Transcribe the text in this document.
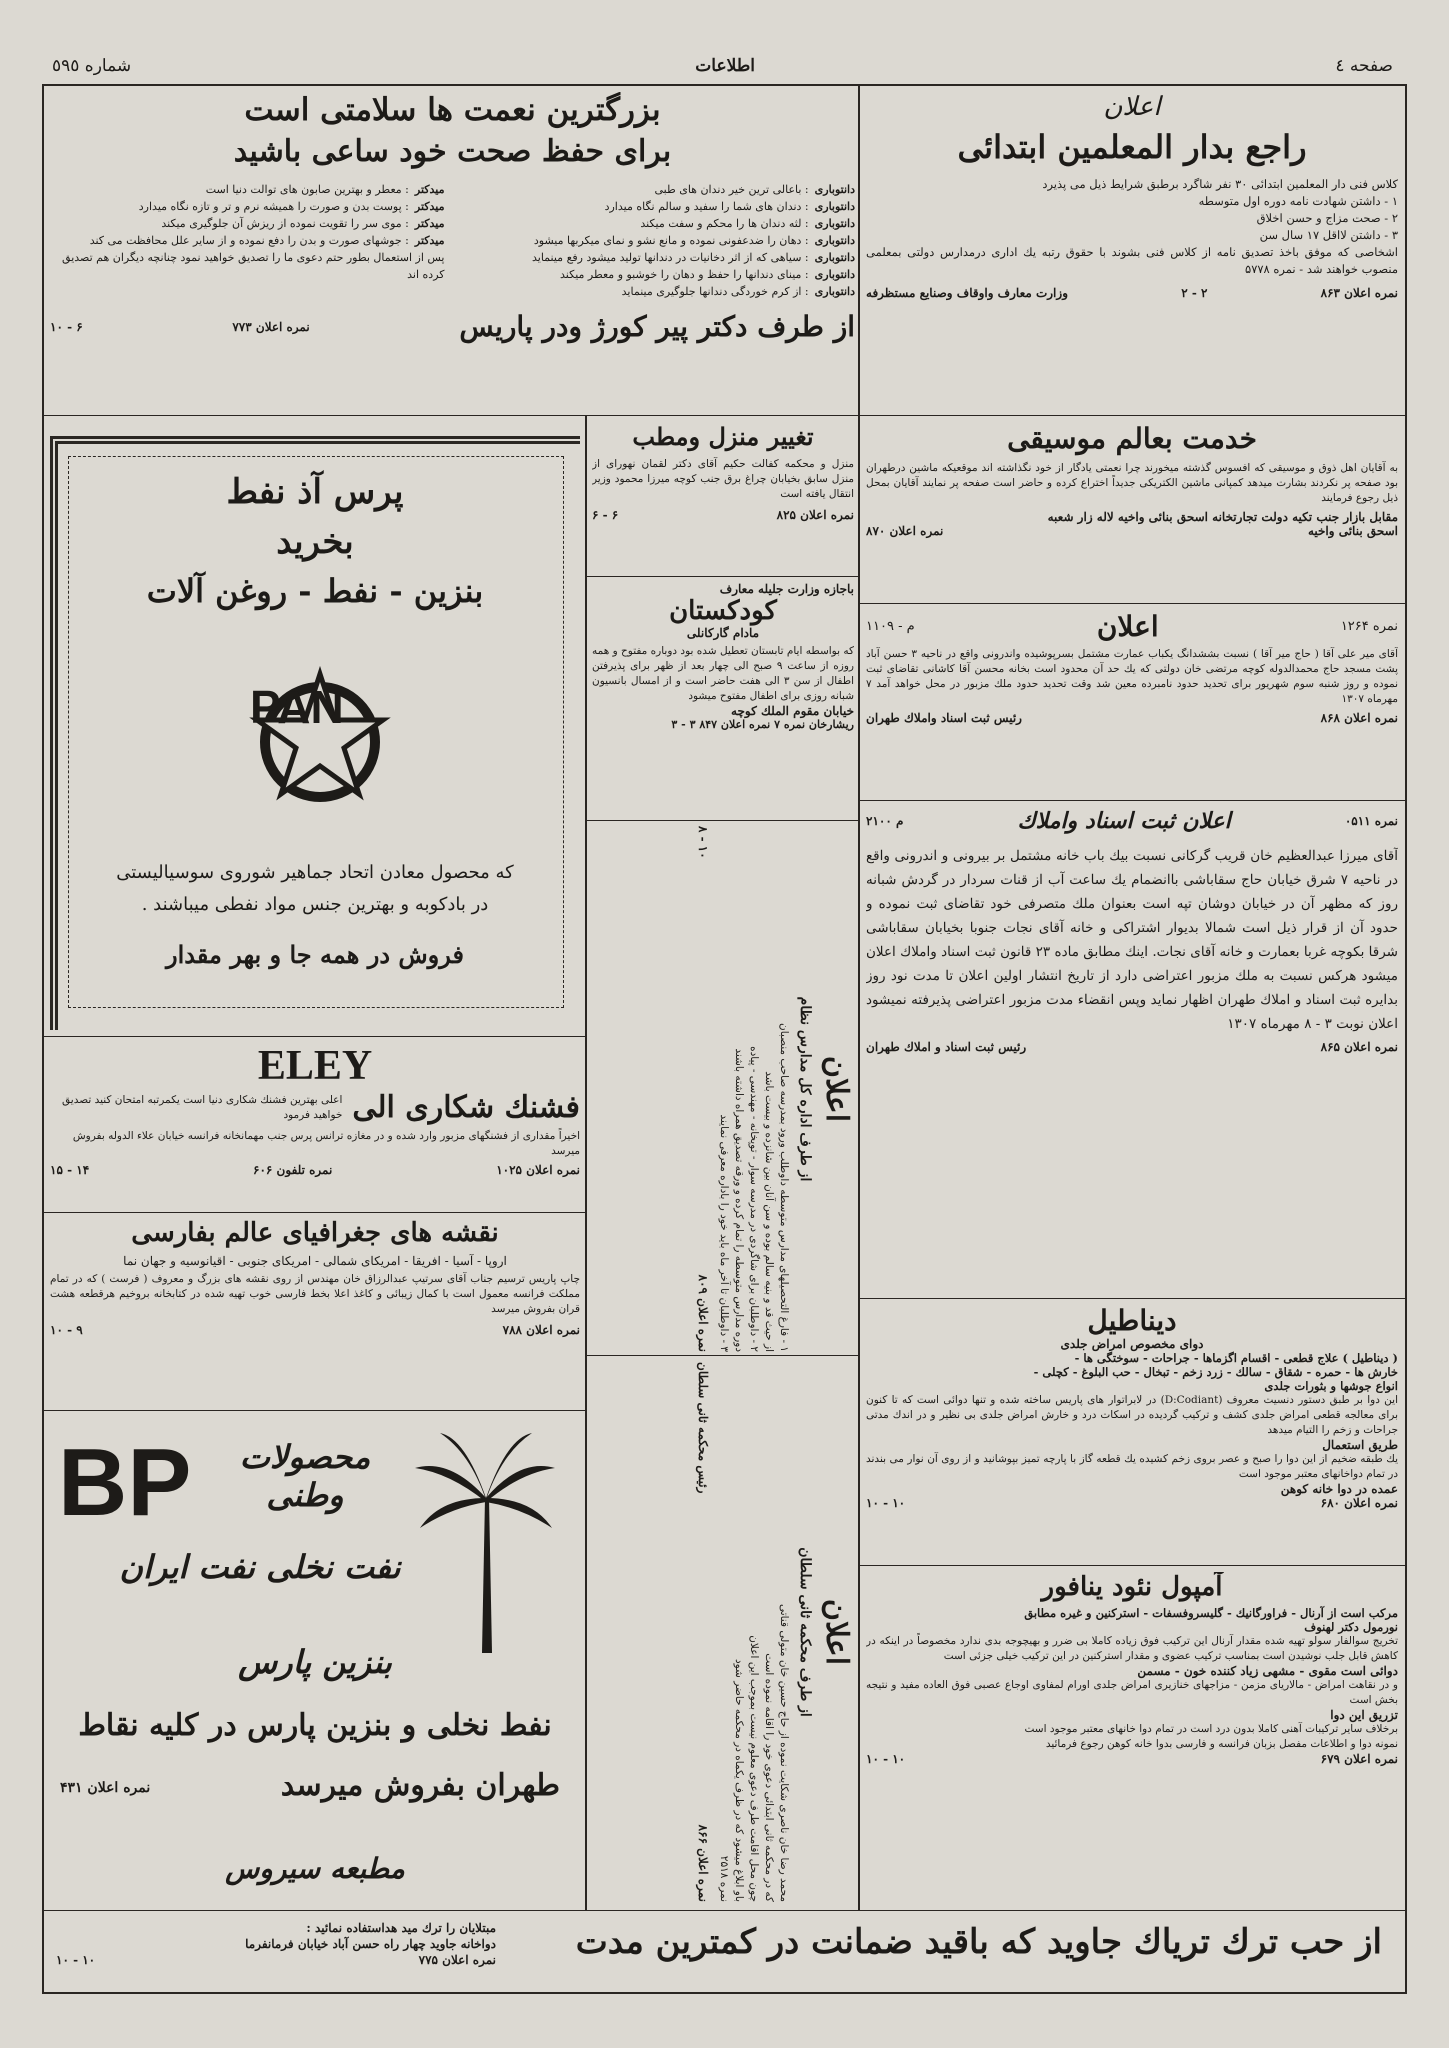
صفحه ٤
اطلاعات
شماره ٥٩٥
اعلان
راجع بدار المعلمین ابتدائی
کلاس فنی دار المعلمین ابتدائی ۳۰ نفر شاگرد برطبق شرایط ذیل می پذیرد
۱ - داشتن شهادت نامه دوره اول متوسطه
۲ - صحت مزاج و حسن اخلاق
۳ - داشتن لااقل ۱۷ سال سن
اشخاصی که موفق باخذ تصدیق نامه از کلاس فنی بشوند با حقوق رتبه یك اداری درمدارس دولتی بمعلمی منصوب خواهند شد - نمره ۵۷۷۸
نمره اعلان ۸۶۳
۲ - ۲
وزارت معارف واوقاف وصنایع مستظرفه
خدمت بعالم موسیقی
به آقایان اهل ذوق و موسیقی که افسوس گذشته میخورند چرا نعمتی یادگار از خود نگذاشته اند موقعیکه ماشین درطهران بود صفحه پر نکردند بشارت میدهد کمپانی ماشین الکتریکی جدیداً اختراع کرده و حاضر است صفحه پر نمایند آقایان بمحل ذیل رجوع فرمایند
مقابل بازار جنب تکیه دولت تجارتخانه اسحق بنائی واخیه لاله زار شعبه
اسحق بنائی واخیه
نمره اعلان ۸۷۰
نمره ۱۲۶۴
اعلان
م - ۱۱۰۹
آقای میر علی آقا ( حاج میر آقا ) نسبت بششدانگ یکباب عمارت مشتمل بسرپوشیده واندرونی واقع در ناحیه ۳ حسن آباد پشت مسجد حاج محمدالدوله کوچه مرتضی خان دولتی که یك حد آن محدود است بخانه محسن آقا کاشانی تقاضای ثبت نموده و روز شنبه سوم شهریور برای تحدید حدود نامبرده معین شد وقت تحدید حدود ملك مزبور در محل خواهد آمد ۷ مهرماه ۱۳۰۷
نمره اعلان ۸۶۸
رئیس ثبت اسناد واملاك طهران
نمره ۰۵۱۱
اعلان ثبت اسناد واملاك
م ۲۱۰۰
آقای میرزا عبدالعظیم خان قریب گرکانی نسبت بیك باب خانه مشتمل بر بیرونی و اندرونی واقع در ناحیه ۷ شرق خیابان حاج سقاباشی باانضمام یك ساعت آب از قنات سردار در گردش شبانه روز که مظهر آن در خیابان دوشان تپه است بعنوان ملك متصرفی خود تقاضای ثبت نموده و حدود آن از قرار ذیل است شمالا بدیوار اشتراکی و خانه آقای نجات جنوبا بخیابان سقاباشی شرقا بکوچه غربا بعمارت و خانه آقای نجات. اینك مطابق ماده ۲۳ قانون ثبت اسناد واملاك اعلان میشود هرکس نسبت به ملك مزبور اعتراضی دارد از تاریخ انتشار اولین اعلان تا مدت نود روز بدایره ثبت اسناد و املاك طهران اظهار نماید وپس انقضاء مدت مزبور اعتراضی پذیرفته نمیشود اعلان نوبت ۳ - ۸ مهرماه ۱۳۰۷
نمره اعلان ۸۶۵
رئیس ثبت اسناد و املاك طهران
دیناطیل
دوای مخصوص امراض جلدی
( دیناطیل ) علاج قطعی - اقسام اگزماها - جراحات - سوختگی ها -
خارش ها - حمره - شقاق - سالك - زرد زخم - تبخال - حب البلوغ - کچلی -
انواع جوشها و بثورات جلدی
این دوا بر طبق دستور دنسیت معروف (D:Codiant) در لابراتوار های پاریس ساخته شده و تنها دوائی است که تا کنون برای معالجه قطعی امراض جلدی کشف و ترکیب گردیده در اسکات درد و خارش امراض جلدی بی نظیر و در اندك مدتی جراحات و زخم را التیام میدهد
طریق استعمال
یك طبقه ضخیم از این دوا را صبح و عصر بروی زخم کشیده یك قطعه گاز با پارچه تمیز بپوشانید و از روی آن نوار می بندند در تمام دواخانهای معتبر موجود است
عمده در دوا خانه کوهن
نمره اعلان ۶۸۰
۱۰ - ۱۰
آمپول نئود ینافور
مرکب است از آرنال - فراورگانیك - گلیسروفسفات - استرکنین و غیره مطابق
نورمول دکتر لهنوف
تخریج سوالفار سولو تهیه شده مقدار آرنال این ترکیب فوق زیاده کاملا بی ضرر و بهیچوجه بدی ندارد مخصوصاً در اینکه در کاهش قابل جلب نوشیدن است بمناسب ترکیب عضوی و مقدار استرکنین در این ترکیب خیلی جزئی است
دوائی است مقوی - مشهی زیاد کننده خون - مسمن
و در نقاهت امراض - مالاریای مزمن - مزاجهای خنازیری امراض جلدی اورام لمفاوی اوجاع عصبی فوق العاده مفید و نتیجه بخش است
تزریق این دوا
برخلاف سایر ترکیبات آهنی کاملا بدون درد است در تمام دوا خانهای معتبر موجود است
نمونه دوا و اطلاعات مفصل بزبان فرانسه و فارسی بدوا خانه کوهن رجوع فرمائید
نمره اعلان ۶۷۹
۱۰ - ۱۰
تغییر منزل ومطب
منزل و محکمه کفالت حکیم آقای دکتر لقمان نهورای از منزل سابق بخیابان چراغ برق جنب کوچه میرزا محمود وزیر انتقال یافته است
نمره اعلان ۸۲۵
۶ - ۶
باجازه وزارت جلیله معارف
کودکستان
مادام گارکانلی
که بواسطه ایام تابستان تعطیل شده بود دوباره مفتوح و همه روزه از ساعت ۹ صبح الی چهار بعد از ظهر برای پذیرفتن اطفال از سن ۳ الی هفت حاضر است و از امسال بانسیون شبانه روزی برای اطفال مفتوح میشود
خیابان مقوم الملك کوچه
ریشارخان نمره ۷ نمره اعلان ۸۴۷ ۳ - ۳
اعلان
از طرف اداره کل مدارس نظام
۱ - فارغ التحصیلهای مدارس متوسطه داوطلب ورود بمدرسه صاحب منصبان
از حیث قد و بنیه سالم بوده و سن آنان بین شانزده و بیست باشد
۲ - داوطلبان برای شاگردی در مدرسه سوار - توپخانه - مهندسی - پیاده
دوره مدارس متوسطه را تمام کرده و ورقه تصدیق همراه داشته باشند
۳ - داوطلبان تا آخر ماه باید خود را باداره معرفی نمایند
نمره اعلان ۸۰۹
۱۰ - ۸
اعلان
از طرف محکمه ثانی سلطان
محمد رضا خان ناصری شکایت نموده از حاج حسین خان متولی قناتی
که در محکمه ثانی ابتدائی دعوی خود را اقامه نموده است
چون محل اقامت طرف دعوی معلوم نیست بموجب این اعلان
باو ابلاغ میشود که در ظرف یکماه در محکمه حاضر شود
نمره ۲۵۱۸
نمره اعلان ۸۶۶
رئیس محکمه ثانی سلطان
بزرگترین نعمت ها سلامتی است
برای حفظ صحت خود ساعی باشید
دانتوباری
: باعالی ترین خیر دندان های طبی
دانتوباری
: دندان های شما را سفید و سالم نگاه میدارد
دانتوباری
: لثه دندان ها را محکم و سفت میکند
دانتوباری
: دهان را ضدعفونی نموده و مانع نشو و نمای میکربها میشود
دانتوباری
: سیاهی که از اثر دخانیات در دندانها تولید میشود رفع مینماید
دانتوباری
: مینای دندانها را حفظ و دهان را خوشبو و معطر میکند
دانتوباری
: از کرم خوردگی دندانها جلوگیری مینماید
میدکتر
: معطر و بهترین صابون های توالت دنیا است
میدکتر
: پوست بدن و صورت را همیشه نرم و تر و تازه نگاه میدارد
میدکتر
: موی سر را تقویت نموده از ریزش آن جلوگیری میکند
میدکتر
: جوشهای صورت و بدن را دفع نموده و از سایر علل محافظت می کند
پس از استعمال بطور حتم دعوی ما را تصدیق خواهید نمود چنانچه دیگران هم تصدیق کرده اند
از طرف دکتر پیر کورژ ودر پاریس
نمره اعلان ۷۷۳
۶ - ۱۰
پرس آذ نفط
بخرید
بنزین - نفط - روغن آلات
PAN
که محصول معادن اتحاد جماهیر شوروی سوسیالیستی
در بادکوبه و بهترین جنس مواد نفطی میباشند .
فروش در همه جا و بهر مقدار
ELEY
فشنك شکاری الی
اعلی بهترین فشنك شکاری دنیا است یکمرتبه امتحان کنید تصدیق خواهید فرمود
اخیراً مقداری از فشنگهای مزبور وارد شده و در مغازه ترانس پرس جنب مهمانخانه فرانسه خیابان علاء الدوله بفروش میرسد
نمره اعلان ۱۰۲۵
نمره تلفون ۶۰۶
۱۴ - ۱۵
نقشه های جغرافیای عالم بفارسی
اروپا - آسیا - افریقا - امریکای شمالی - امریکای جنوبی - اقیانوسیه و جهان نما
چاپ پاریس ترسیم جناب آقای سرتیپ عبدالرزاق خان مهندس از روی نقشه های بزرگ و معروف ( فرست ) که در تمام مملکت فرانسه معمول است با کمال زیبائی و کاغذ اعلا بخط فارسی خوب تهیه شده در کتابخانه بروخیم هرقطعه هشت قران بفروش میرسد
نمره اعلان ۷۸۸
۹ - ۱۰
BP	محصولات وطنی
نفت نخلی نفت ایران
بنزین پارس
نفط نخلی و بنزین پارس در کلیه نقاط
طهران بفروش میرسد
نمره اعلان ۴۳۱
مطبعه سیروس
از حب ترك تریاك جاوید که باقید ضمانت در کمترین مدت
مبتلایان را ترك مید هداستفاده نمائید :
دواخانه جاوید چهار راه حسن آباد خیابان فرمانفرما
نمره اعلان ۷۷۵
۱۰ - ۱۰
